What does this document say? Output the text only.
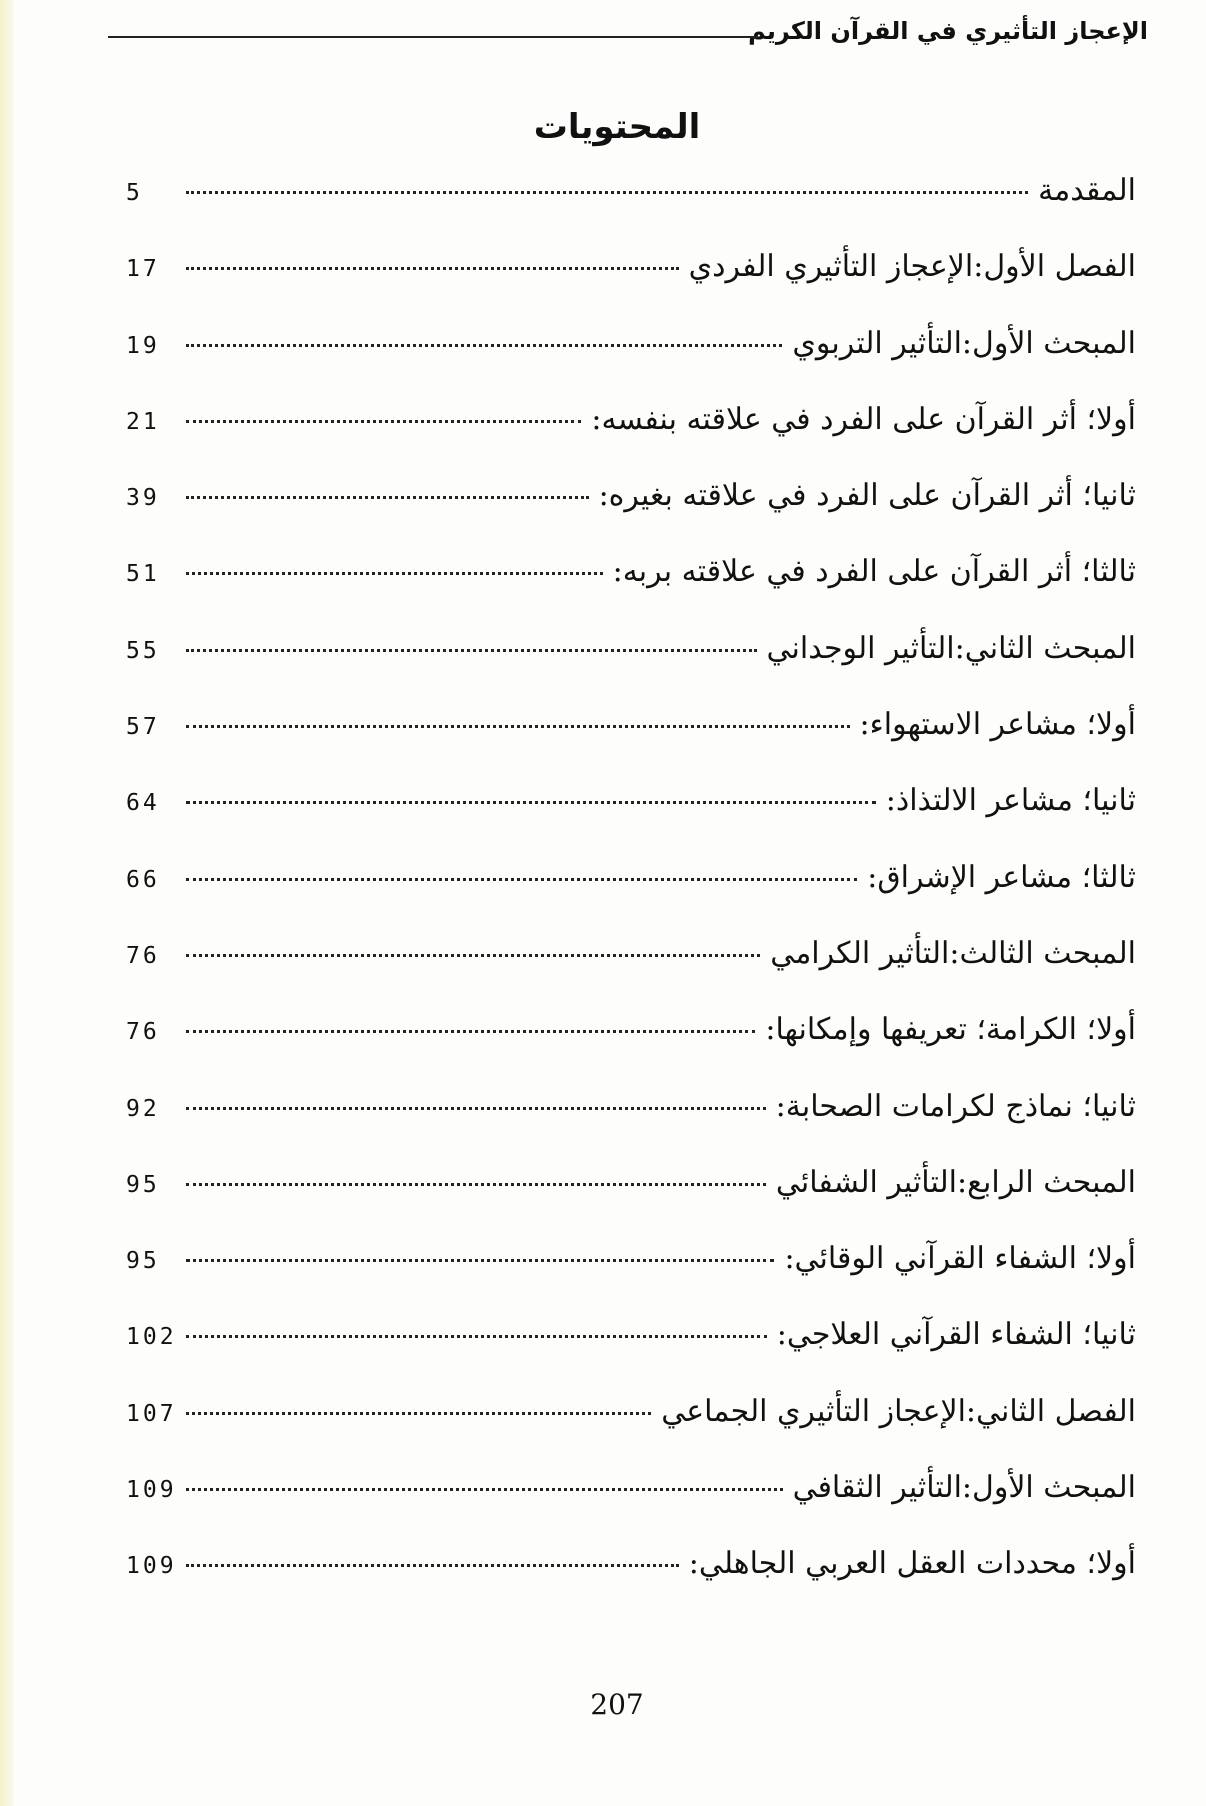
الإعجاز التأثيري في القرآن الكريم
المحتويات
المقدمة
5
الفصل الأول:الإعجاز التأثيري الفردي
17
المبحث الأول:التأثير التربوي
19
أولا؛ أثر القرآن على الفرد في علاقته بنفسه:
21
ثانيا؛ أثر القرآن على الفرد في علاقته بغيره:
39
ثالثا؛ أثر القرآن على الفرد في علاقته بربه:
51
المبحث الثاني:التأثير الوجداني
55
أولا؛ مشاعر الاستهواء:
57
ثانيا؛ مشاعر الالتذاذ:
64
ثالثا؛ مشاعر الإشراق:
66
المبحث الثالث:التأثير الكرامي
76
أولا؛ الكرامة؛ تعريفها وإمكانها:
76
ثانيا؛ نماذج لكرامات الصحابة:
92
المبحث الرابع:التأثير الشفائي
95
أولا؛ الشفاء القرآني الوقائي:
95
ثانيا؛ الشفاء القرآني العلاجي:
102
الفصل الثاني:الإعجاز التأثيري الجماعي
107
المبحث الأول:التأثير الثقافي
109
أولا؛ محددات العقل العربي الجاهلي:
109
207
